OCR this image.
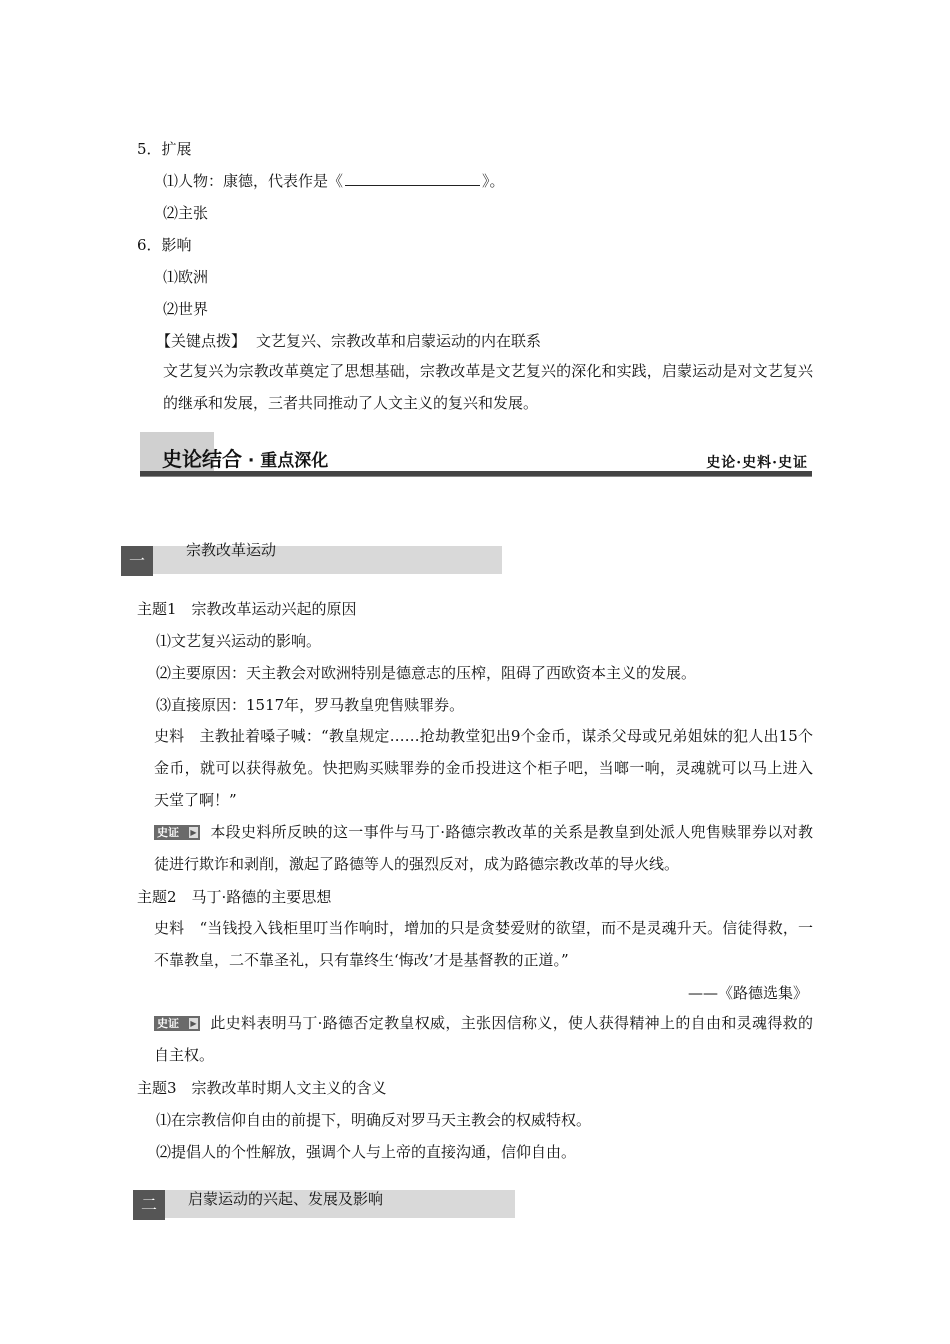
5．扩展
⑴人物：康德，代表作是《	》。
⑵主张
6．影响
⑴欧洲
⑵世界
【关键点拨】 文艺复兴、宗教改革和启蒙运动的内在联系
文艺复兴为宗教改革奠定了思想基础，宗教改革是文艺复兴的深化和实践，启蒙运动是对文艺复兴的继承和发展，三者共同推动了人文主义的复兴和发展。
史论结合 · 重点深化	史论·史料·史证
一
宗教改革运动
主题1　宗教改革运动兴起的原因
⑴文艺复兴运动的影响。
⑵主要原因：天主教会对欧洲特别是德意志的压榨，阻碍了西欧资本主义的发展。
⑶直接原因：1517年，罗马教皇兜售赎罪券。
史料　主教扯着嗓子喊：“教皇规定……抢劫教堂犯出9个金币，谋杀父母或兄弟姐妹的犯人出15个金币，就可以获得赦免。快把购买赎罪券的金币投进这个柜子吧，当啷一响，灵魂就可以马上进入天堂了啊！”
史证 ▶ 本段史料所反映的这一事件与马丁·路德宗教改革的关系是教皇到处派人兜售赎罪券以对教徒进行欺诈和剥削，激起了路德等人的强烈反对，成为路德宗教改革的导火线。
主题2　马丁·路德的主要思想
史料　“当钱投入钱柜里叮当作响时，增加的只是贪婪爱财的欲望，而不是灵魂升天。信徒得救，一不靠教皇，二不靠圣礼，只有靠终生‘悔改’才是基督教的正道。”
——《路德选集》
史证 ▶ 此史料表明马丁·路德否定教皇权威，主张因信称义，使人获得精神上的自由和灵魂得救的自主权。
主题3　宗教改革时期人文主义的含义
⑴在宗教信仰自由的前提下，明确反对罗马天主教会的权威特权。
⑵提倡人的个性解放，强调个人与上帝的直接沟通，信仰自由。
二	启蒙运动的兴起、发展及影响
